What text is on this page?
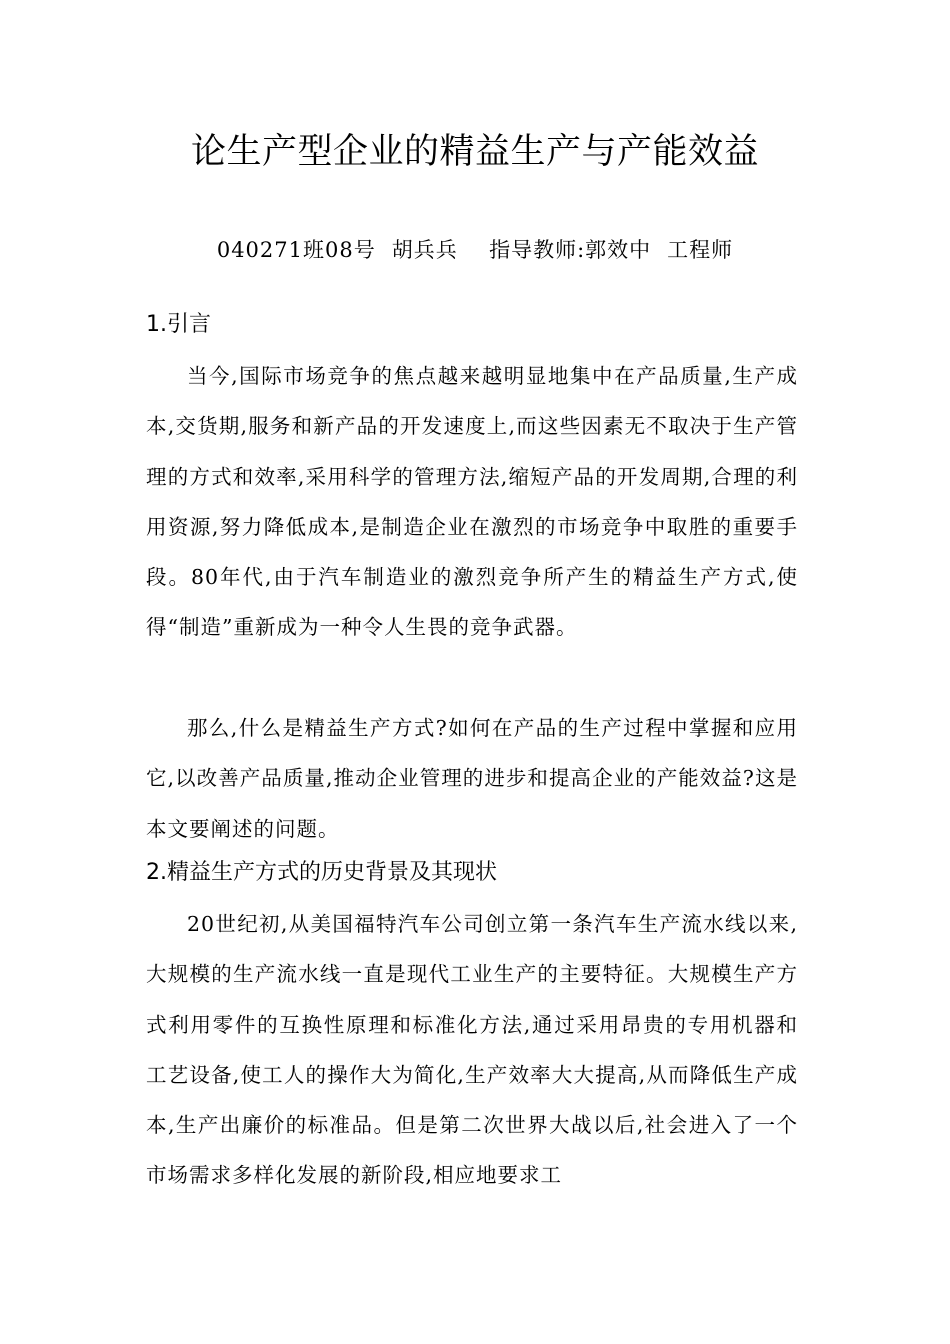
论生产型企业的精益生产与产能效益
040271班08号 胡兵兵 指导教师:郭效中 工程师
1.引言

当今,国际市场竞争的焦点越来越明显地集中在产品质量,生产成本,交货期,服务和新产品的开发速度上,而这些因素无不取决于生产管理的方式和效率,采用科学的管理方法,缩短产品的开发周期,合理的利用资源,努力降低成本,是制造企业在激烈的市场竞争中取胜的重要手段。80年代,由于汽车制造业的激烈竞争所产生的精益生产方式,使得“制造”重新成为一种令人生畏的竞争武器。

那么,什么是精益生产方式?如何在产品的生产过程中掌握和应用它,以改善产品质量,推动企业管理的进步和提高企业的产能效益?这是本文要阐述的问题。

2.精益生产方式的历史背景及其现状

20世纪初,从美国福特汽车公司创立第一条汽车生产流水线以来,大规模的生产流水线一直是现代工业生产的主要特征。大规模生产方式利用零件的互换性原理和标准化方法,通过采用昂贵的专用机器和工艺设备,使工人的操作大为简化,生产效率大大提高,从而降低生产成本,生产出廉价的标准品。但是第二次世界大战以后,社会进入了一个市场需求多样化发展的新阶段,相应地要求工
